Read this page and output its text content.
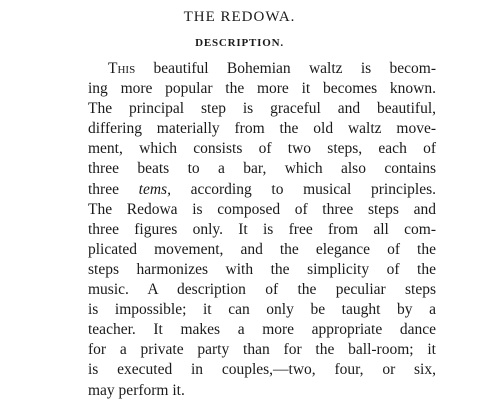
THE REDOWA.
DESCRIPTION.
This beautiful Bohemian waltz is becom-
ing more popular the more it becomes known.
The principal step is graceful and beautiful,
differing materially from the old waltz move-
ment, which consists of two steps, each of
three beats to a bar, which also contains
three tems, according to musical principles.
The Redowa is composed of three steps and
three figures only. It is free from all com-
plicated movement, and the elegance of the
steps harmonizes with the simplicity of the
music. A description of the peculiar steps
is impossible; it can only be taught by a
teacher. It makes a more appropriate dance
for a private party than for the ball-room; it
is executed in couples,—two, four, or six,
may perform it.
